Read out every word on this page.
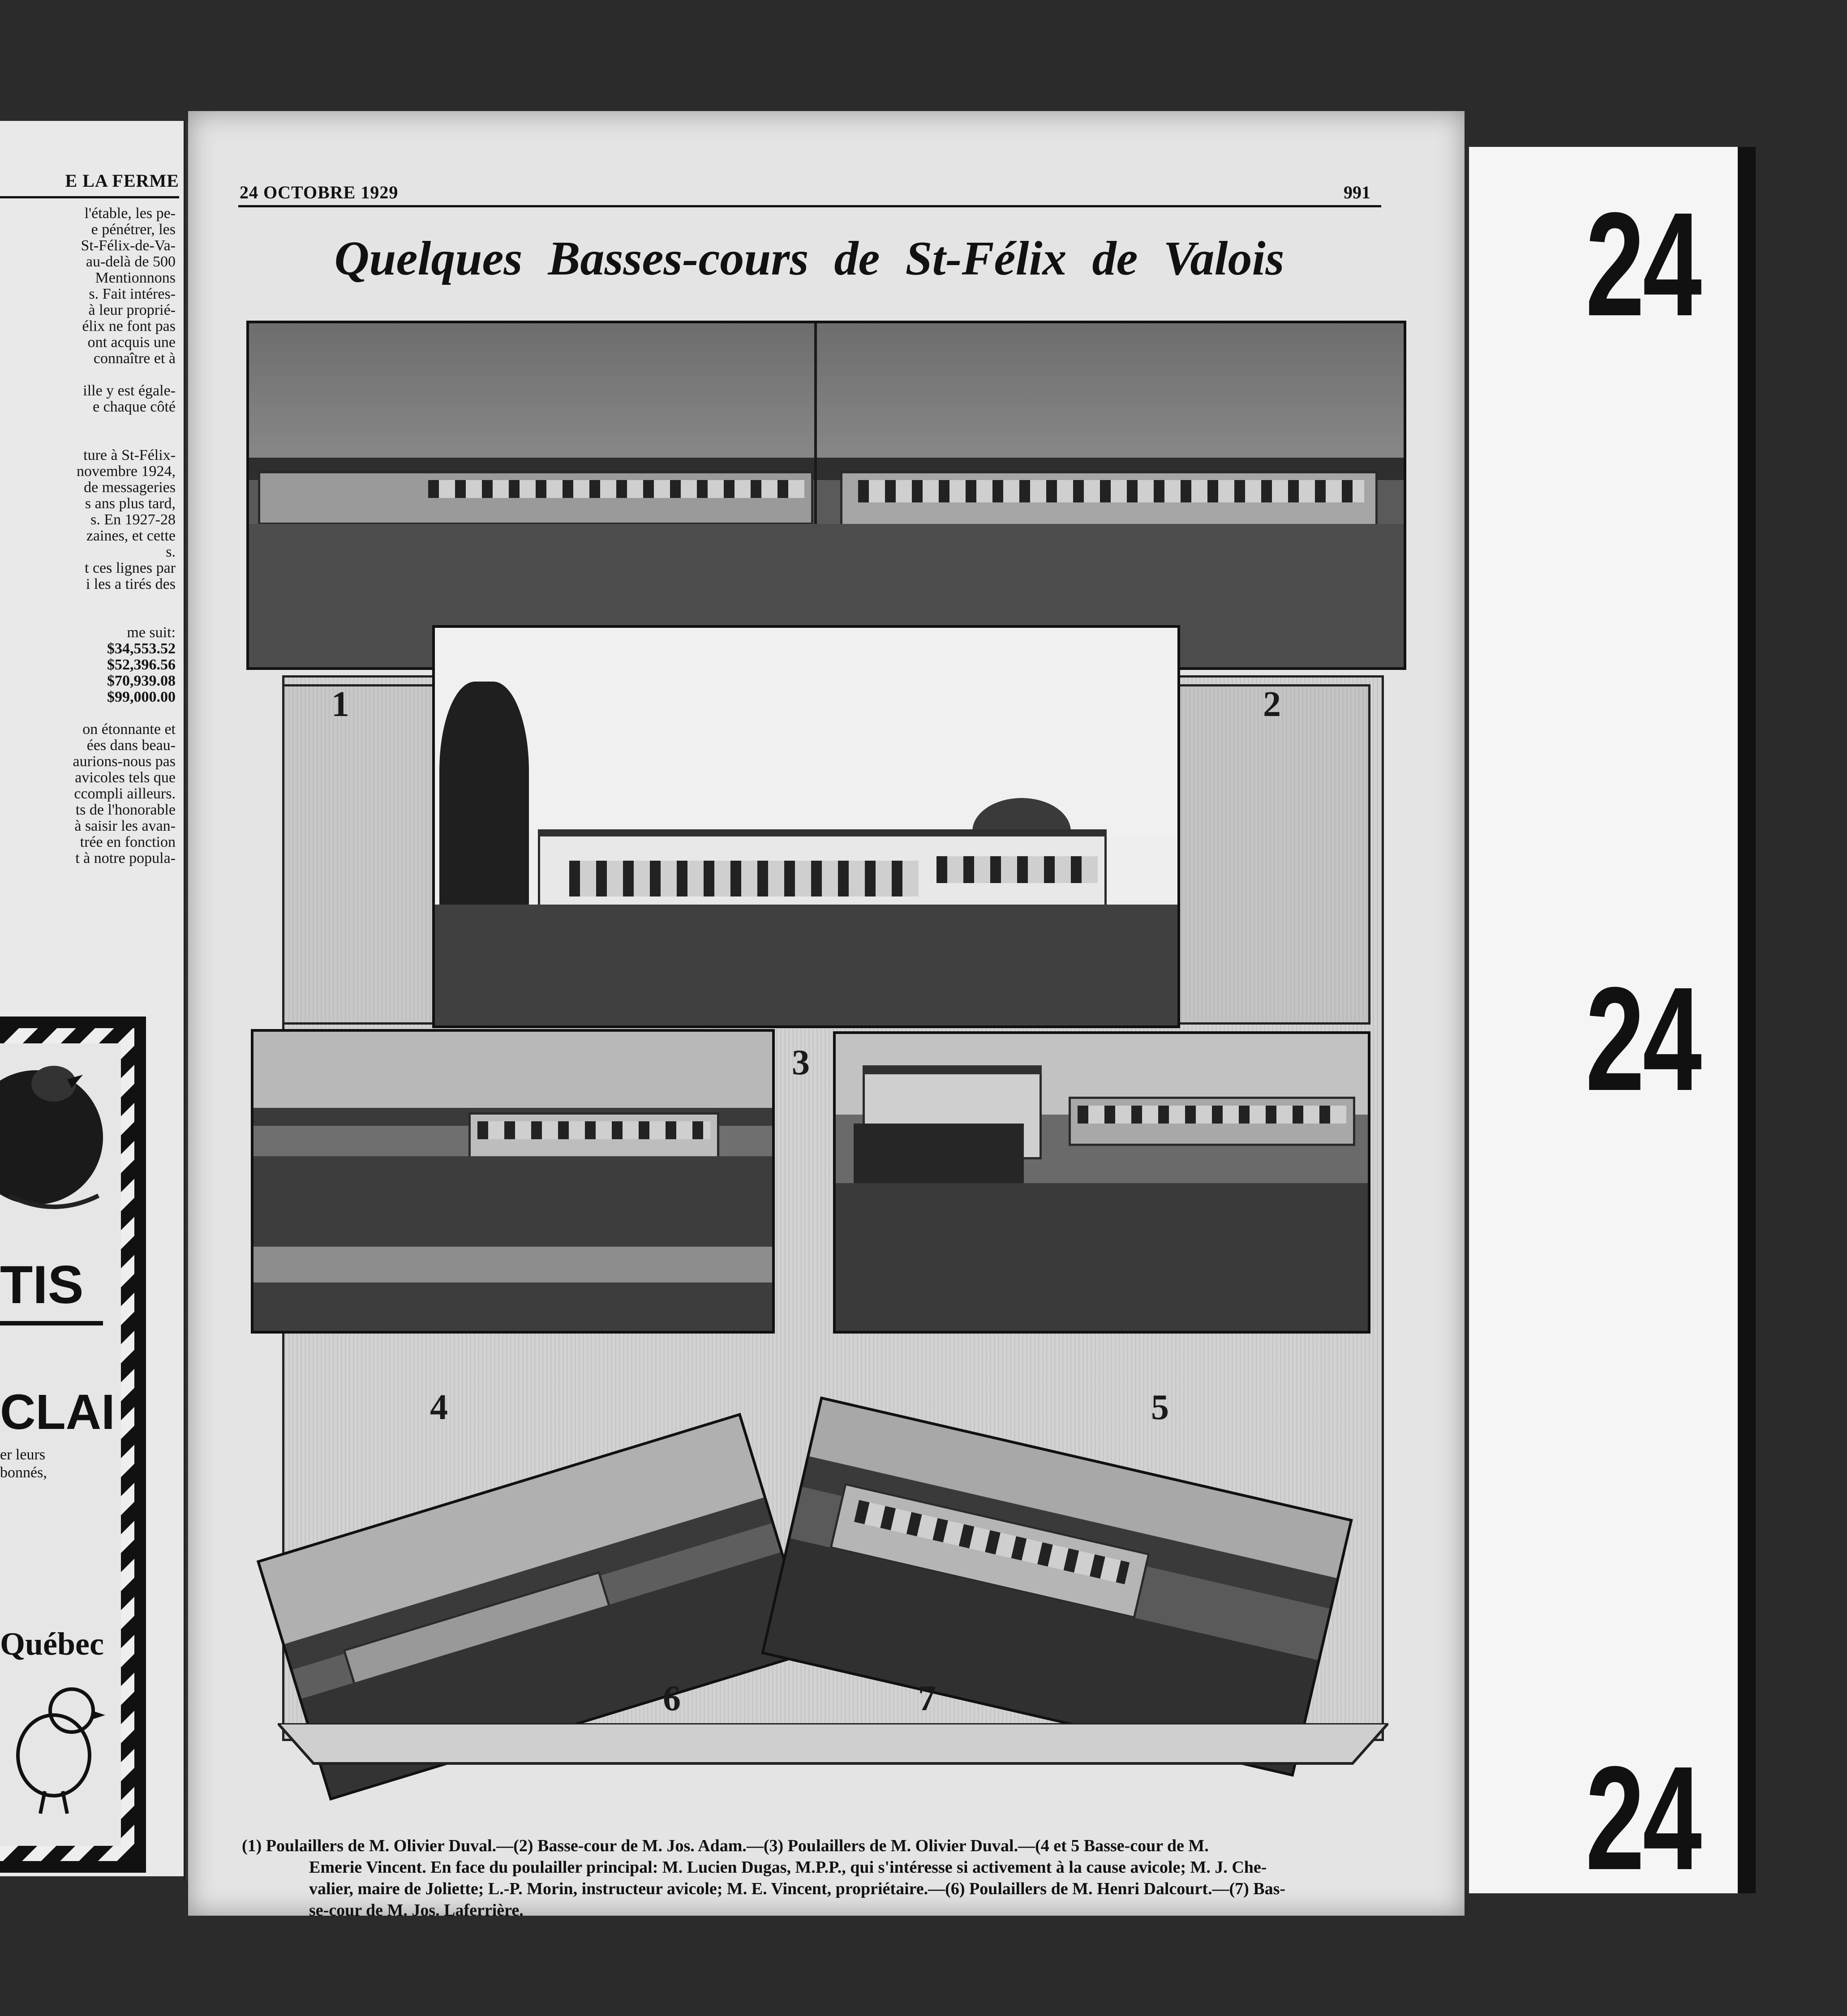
E LA FERME
l'étable, les pe-
e pénétrer, les
St-Félix-de-Va-
au-delà de 500
Mentionnons
s. Fait intéres-
à leur proprié-
élix ne font pas
ont acquis une
connaître et à
ille y est égale-
e chaque côté
ture à St-Félix-
novembre 1924,
de messageries
s ans plus tard,
s. En 1927-28
zaines, et cette
s.
t ces lignes par
i les a tirés des
me suit:
$34,553.52
$52,396.56
$70,939.08
$99,000.00
on étonnante et
ées dans beau-
aurions-nous pas
avicoles tels que
ccompli ailleurs.
ts de l'honorable
à saisir les avan-
trée en fonction
t à notre popula-
TIS
CLAI
er leurs
bonnés,
Québec
24 OCTOBRE 1929	991
Quelques Basses-cours de St-Félix de Valois
1	2
3
4	5
6	7
(1) Poulaillers de M. Olivier Duval.—(2) Basse-cour de M. Jos. Adam.—(3) Poulaillers de M. Olivier Duval.—(4 et 5 Basse-cour de M.
Emerie Vincent. En face du poulailler principal: M. Lucien Dugas, M.P.P., qui s'intéresse si activement à la cause avicole; M. J. Che-
valier, maire de Joliette; L.-P. Morin, instructeur avicole; M. E. Vincent, propriétaire.—(6) Poulaillers de M. Henri Dalcourt.—(7) Bas-
se-cour de M. Jos. Laferrière.
24
24
24
